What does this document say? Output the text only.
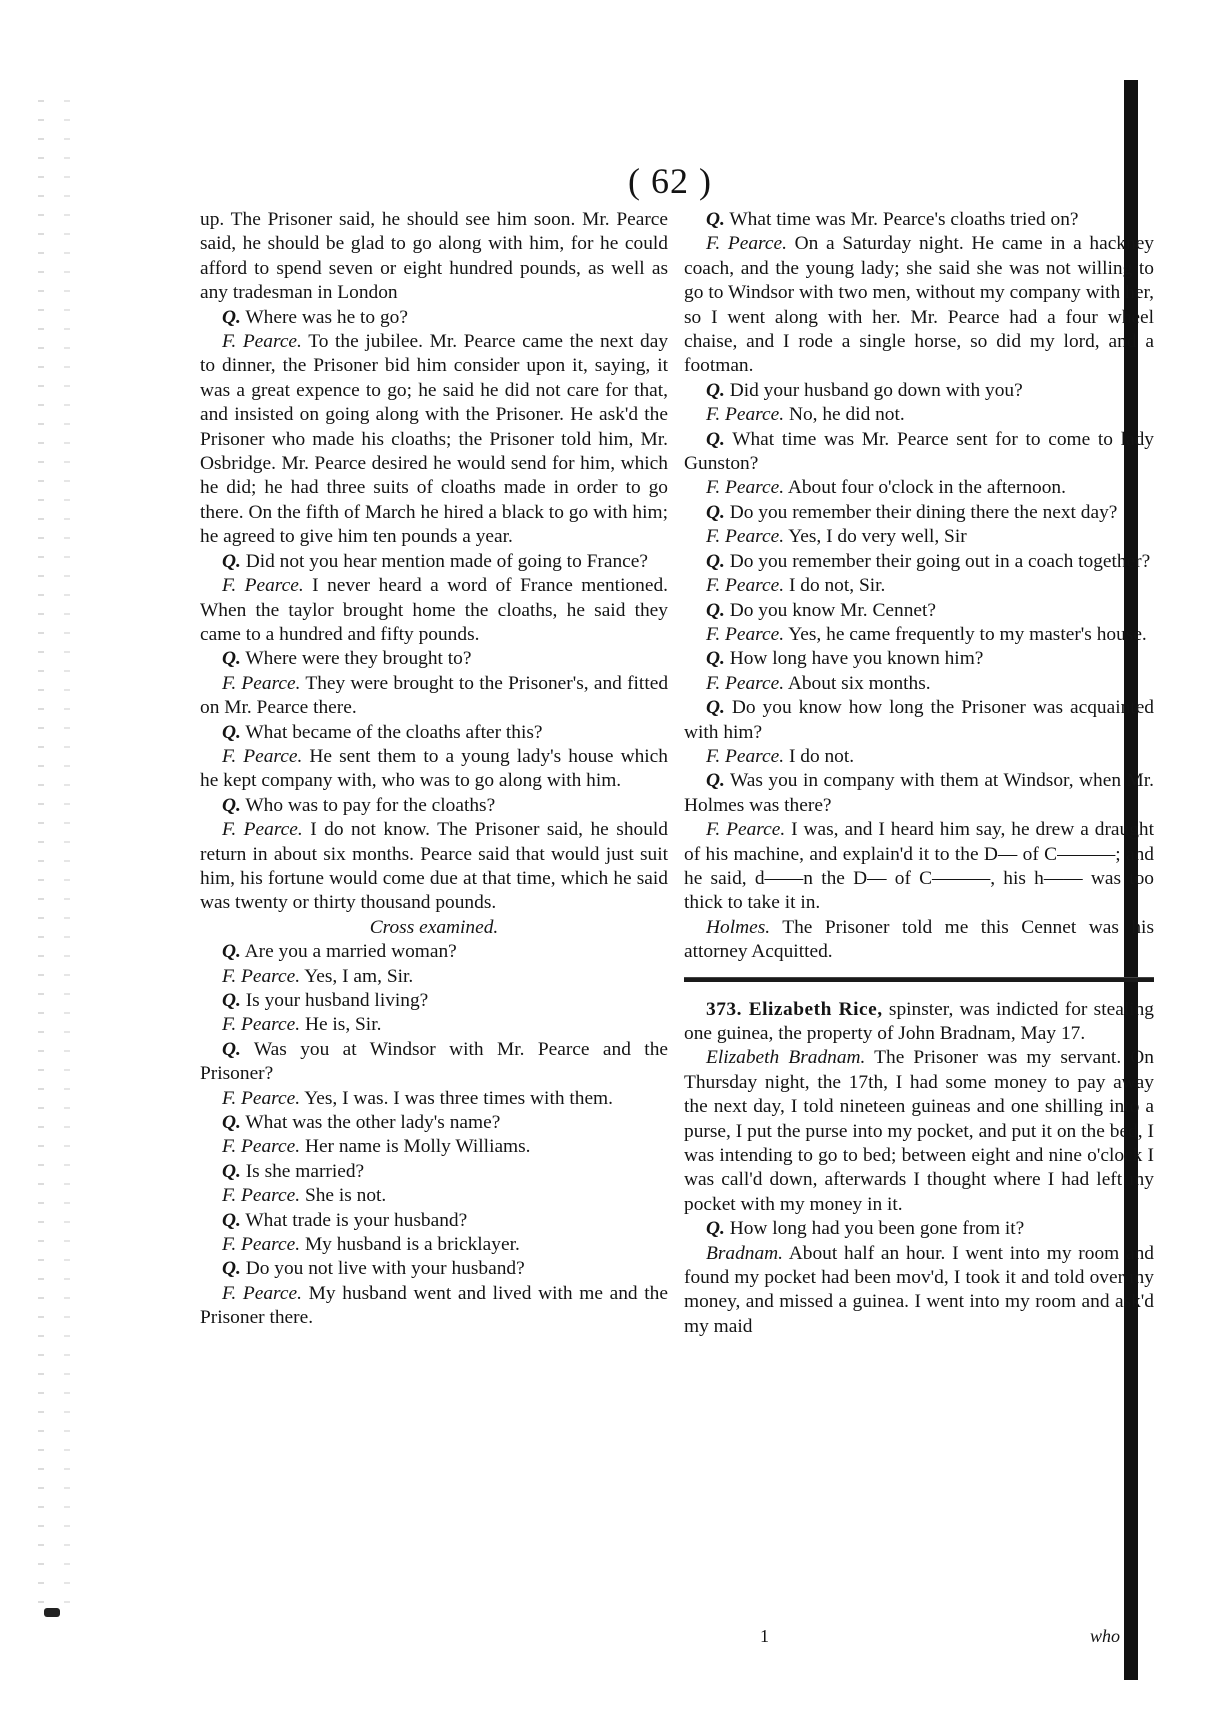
( 62 )

up. The Prisoner said, he should see him soon. Mr. Pearce said, he should be glad to go along with him, for he could afford to spend seven or eight hundred pounds, as well as any tradesman in London

Q. Where was he to go?

F. Pearce. To the jubilee. Mr. Pearce came the next day to dinner, the Prisoner bid him consider upon it, saying, it was a great expence to go; he said he did not care for that, and insisted on going along with the Prisoner. He ask'd the Prisoner who made his cloaths; the Prisoner told him, Mr. Osbridge. Mr. Pearce desired he would send for him, which he did; he had three suits of cloaths made in order to go there. On the fifth of March he hired a black to go with him; he agreed to give him ten pounds a year.

Q. Did not you hear mention made of going to France?

F. Pearce. I never heard a word of France mentioned. When the taylor brought home the cloaths, he said they came to a hundred and fifty pounds.

Q. Where were they brought to?

F. Pearce. They were brought to the Prisoner's, and fitted on Mr. Pearce there.

Q. What became of the cloaths after this?

F. Pearce. He sent them to a young lady's house which he kept company with, who was to go along with him.

Q. Who was to pay for the cloaths?

F. Pearce. I do not know. The Prisoner said, he should return in about six months. Pearce said that would just suit him, his fortune would come due at that time, which he said was twenty or thirty thousand pounds.

Cross examined.

Q. Are you a married woman?

F. Pearce. Yes, I am, Sir.

Q. Is your husband living?

F. Pearce. He is, Sir.

Q. Was you at Windsor with Mr. Pearce and the Prisoner?

F. Pearce. Yes, I was. I was three times with them.

Q. What was the other lady's name?

F. Pearce. Her name is Molly Williams.

Q. Is she married?

F. Pearce. She is not.

Q. What trade is your husband?

F. Pearce. My husband is a bricklayer.

Q. Do you not live with your husband?

F. Pearce. My husband went and lived with me and the Prisoner there.

Q. What time was Mr. Pearce's cloaths tried on?

F. Pearce. On a Saturday night. He came in a hackney coach, and the young lady; she said she was not willing to go to Windsor with two men, without my company with her, so I went along with her. Mr. Pearce had a four wheel chaise, and I rode a single horse, so did my lord, and a footman.

Q. Did your husband go down with you?

F. Pearce. No, he did not.

Q. What time was Mr. Pearce sent for to come to lady Gunston?

F. Pearce. About four o'clock in the afternoon.

Q. Do you remember their dining there the next day?

F. Pearce. Yes, I do very well, Sir

Q. Do you remember their going out in a coach together?

F. Pearce. I do not, Sir.

Q. Do you know Mr. Cennet?

F. Pearce. Yes, he came frequently to my master's house.

Q. How long have you known him?

F. Pearce. About six months.

Q. Do you know how long the Prisoner was acquainted with him?

F. Pearce. I do not.

Q. Was you in company with them at Windsor, when Mr. Holmes was there?

F. Pearce. I was, and I heard him say, he drew a draught of his machine, and explain'd it to the D— of C———; and he said, d——n the D— of C———, his h—— was too thick to take it in.

Holmes. The Prisoner told me this Cennet was his attorney Acquitted.

373. Elizabeth Rice, spinster, was indicted for stealing one guinea, the property of John Bradnam, May 17.

Elizabeth Bradnam. The Prisoner was my servant. On Thursday night, the 17th, I had some money to pay away the next day, I told nineteen guineas and one shilling into a purse, I put the purse into my pocket, and put it on the bed, I was intending to go to bed; between eight and nine o'clock I was call'd down, afterwards I thought where I had left my pocket with my money in it.

Q. How long had you been gone from it?

Bradnam. About half an hour. I went into my room and found my pocket had been mov'd, I took it and told over my money, and missed a guinea. I went into my room and ask'd my maid

1	who
